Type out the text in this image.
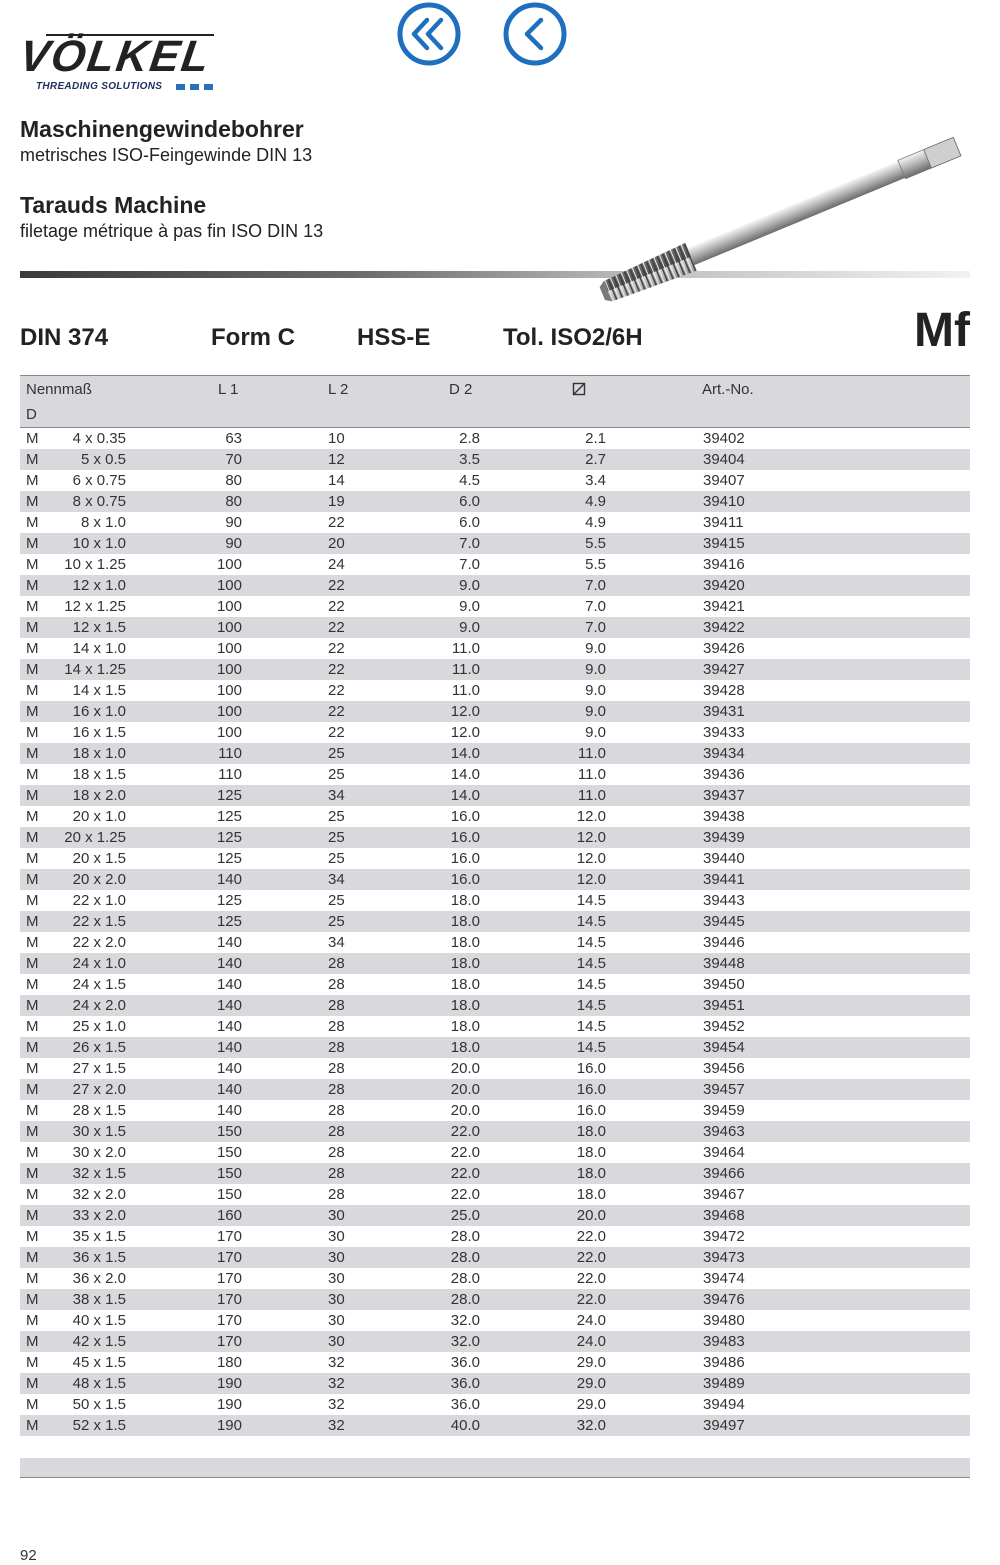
VÖLKEL
THREADING SOLUTIONS
Maschinengewindebohrer
metrisches ISO-Feingewinde DIN 13
Tarauds Machine
filetage métrique à pas fin ISO DIN 13
DIN 374	Form C	HSS-E	Tol. ISO2/6H	Mf
Nennmaß
D
L 1	L 2	D 2	Art.-No.
M	4 x 0.35	63	10	2.8	2.1	39402
M	5 x 0.5	70	12	3.5	2.7	39404
M	6 x 0.75	80	14	4.5	3.4	39407
M	8 x 0.75	80	19	6.0	4.9	39410
M	8 x 1.0	90	22	6.0	4.9	39411
M	10 x 1.0	90	20	7.0	5.5	39415
M 10 x 1.25	100	24	7.0	5.5	39416
M	12 x 1.0	100	22	9.0	7.0	39420
M 12 x 1.25	100	22	9.0	7.0	39421
M	12 x 1.5	100	22	9.0	7.0	39422
M	14 x 1.0	100	22	11.0	9.0	39426
M 14 x 1.25	100	22	11.0	9.0	39427
M	14 x 1.5	100	22	11.0	9.0	39428
M	16 x 1.0	100	22	12.0	9.0	39431
M	16 x 1.5	100	22	12.0	9.0	39433
M	18 x 1.0	110	25	14.0	11.0	39434
M	18 x 1.5	110	25	14.0	11.0	39436
M	18 x 2.0	125	34	14.0	11.0	39437
M	20 x 1.0	125	25	16.0	12.0	39438
M 20 x 1.25	125	25	16.0	12.0	39439
M	20 x 1.5	125	25	16.0	12.0	39440
M	20 x 2.0	140	34	16.0	12.0	39441
M	22 x 1.0	125	25	18.0	14.5	39443
M	22 x 1.5	125	25	18.0	14.5	39445
M	22 x 2.0	140	34	18.0	14.5	39446
M	24 x 1.0	140	28	18.0	14.5	39448
M	24 x 1.5	140	28	18.0	14.5	39450
M	24 x 2.0	140	28	18.0	14.5	39451
M	25 x 1.0	140	28	18.0	14.5	39452
M	26 x 1.5	140	28	18.0	14.5	39454
M	27 x 1.5	140	28	20.0	16.0	39456
M	27 x 2.0	140	28	20.0	16.0	39457
M	28 x 1.5	140	28	20.0	16.0	39459
M	30 x 1.5	150	28	22.0	18.0	39463
M	30 x 2.0	150	28	22.0	18.0	39464
M	32 x 1.5	150	28	22.0	18.0	39466
M	32 x 2.0	150	28	22.0	18.0	39467
M	33 x 2.0	160	30	25.0	20.0	39468
M	35 x 1.5	170	30	28.0	22.0	39472
M	36 x 1.5	170	30	28.0	22.0	39473
M	36 x 2.0	170	30	28.0	22.0	39474
M	38 x 1.5	170	30	28.0	22.0	39476
M	40 x 1.5	170	30	32.0	24.0	39480
M	42 x 1.5	170	30	32.0	24.0	39483
M	45 x 1.5	180	32	36.0	29.0	39486
M	48 x 1.5	190	32	36.0	29.0	39489
M	50 x 1.5	190	32	36.0	29.0	39494
M	52 x 1.5	190	32	40.0	32.0	39497
92
